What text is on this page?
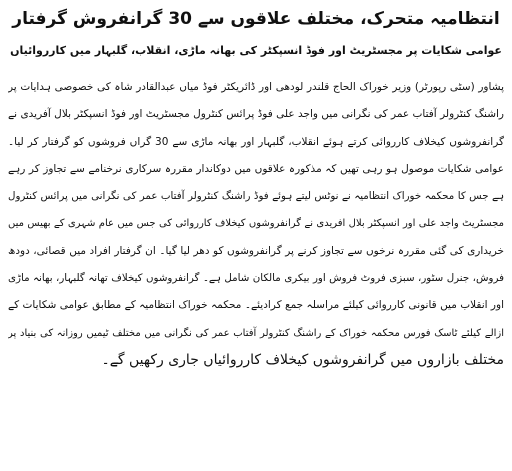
انتظامیہ متحرک، مختلف علاقوں سے 30 گرانفروش گرفتار
عوامی شکایات پر مجسٹریٹ اور فوڈ انسپکٹر کی بھانہ ماڑی، انقلاب، گلبہار میں کارروائیاں
پشاور (سٹی رپورٹر) وزیر خوراک الحاج قلندر لودھی اور ڈائریکٹر فوڈ میاں عبدالقادر شاہ کی خصوصی ہدایات پر
راشنگ کنٹرولر آفتاب عمر کی نگرانی میں واجد علی فوڈ پرائس کنٹرول مجسٹریٹ اور فوڈ انسپکٹر بلال آفریدی نے
گرانفروشوں کیخلاف کارروائی کرتے ہوئے انقلاب، گلبہار اور بھانہ ماڑی سے 30 گراں فروشوں کو گرفتار کر لیا۔
عوامی شکایات موصول ہو رہی تھیں کہ مذکورہ علاقوں میں دوکاندار مقررہ سرکاری نرخنامے سے تجاوز کر رہے
ہے جس کا محکمہ خوراک انتظامیہ نے نوٹس لیتے ہوئے فوڈ راشنگ کنٹرولر آفتاب عمر کی نگرانی میں پرائس کنٹرول
مجسٹریٹ واجد علی اور انسپکٹر بلال افریدی نے گرانفروشوں کیخلاف کارروائی کی جس میں عام شہری کے بھیس میں
خریداری کی گئی مقررہ نرخوں سے تجاوز کرنے پر گرانفروشوں کو دھر لیا گیا۔ ان گرفتار افراد میں قصائی، دودھ
فروش، جنرل سٹور، سبزی فروٹ فروش اور بیکری مالکان شامل ہے۔ گرانفروشوں کیخلاف تھانہ گلبہار، بھانہ ماڑی
اور انقلاب میں قانونی کارروائی کیلئے مراسلہ جمع کرادیئے۔ محکمہ خوراک انتظامیہ کے مطابق عوامی شکایات کے
ازالے کیلئے ٹاسک فورس محکمہ خوراک کے راشنگ کنٹرولر آفتاب عمر کی نگرانی میں مختلف ٹیمیں روزانہ کی بنیاد پر
مختلف بازاروں میں گرانفروشوں کیخلاف کارروائیاں جاری رکھیں گے۔
